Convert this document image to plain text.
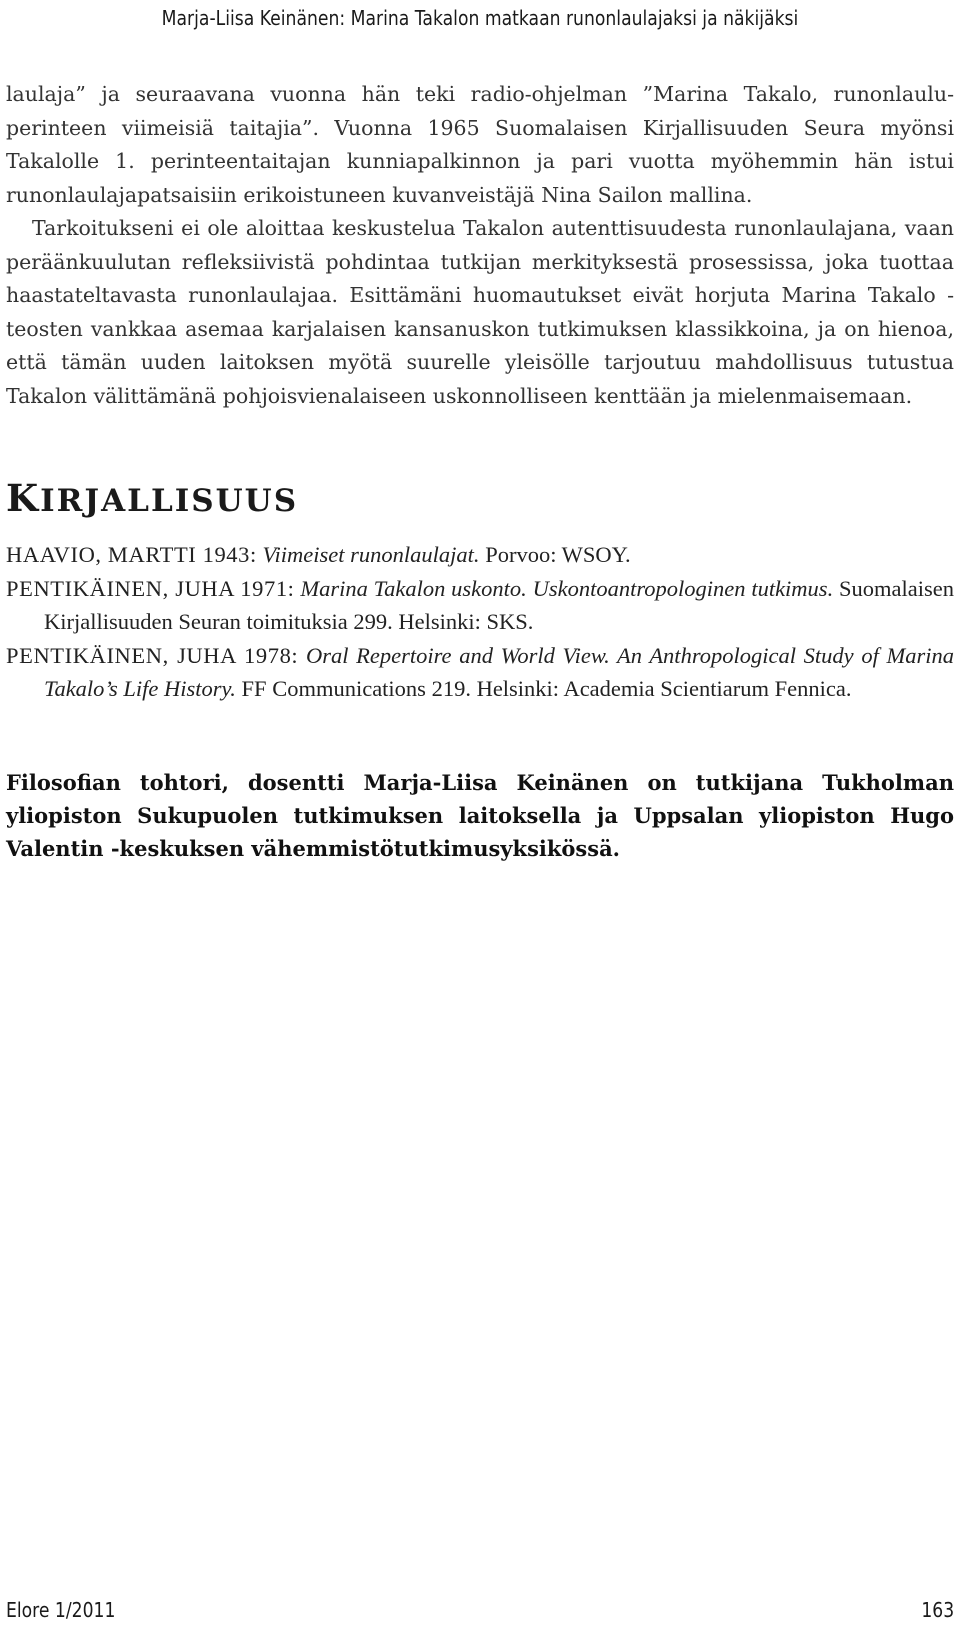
Marja-Liisa Keinänen: Marina Takalon matkaan runonlaulajaksi ja näkijäksi

laulaja” ja seuraavana vuonna hän teki radio-ohjelman ”Marina Takalo, runonlauluperinteen viimeisiä taitajia”. Vuonna 1965 Suomalaisen Kirjallisuuden Seura myönsi Takalolle 1. perinteentaitajan kunniapalkinnon ja pari vuotta myöhemmin hän istui runonlaulajapatsaisiin erikoistuneen kuvanveistäjä Nina Sailon mallina.

Tarkoitukseni ei ole aloittaa keskustelua Takalon autenttisuudesta runonlaulajana, vaan peräänkuulutan refleksiivistä pohdintaa tutkijan merkityksestä prosessissa, joka tuottaa haastateltavasta runonlaulajaa. Esittämäni huomautukset eivät horjuta Marina Takalo -teosten vankkaa asemaa karjalaisen kansanuskon tutkimuksen klassikkoina, ja on hienoa, että tämän uuden laitoksen myötä suurelle yleisölle tarjoutuu mahdollisuus tutustua Takalon välittämänä pohjoisvienalaiseen uskonnolliseen kenttään ja mielenmaisemaan.

KIRJALLISUUS

HAAVIO, MARTTI 1943: Viimeiset runonlaulajat. Porvoo: WSOY.

PENTIKÄINEN, JUHA 1971: Marina Takalon uskonto. Uskontoantropologinen tutkimus. Suomalaisen Kirjallisuuden Seuran toimituksia 299. Helsinki: SKS.

PENTIKÄINEN, JUHA 1978: Oral Repertoire and World View. An Anthropological Study of Marina Takalo’s Life History. FF Communications 219. Helsinki: Academia Scientiarum Fennica.

Filosofian tohtori, dosentti Marja-Liisa Keinänen on tutkijana Tukholman yliopiston Sukupuolen tutkimuksen laitoksella ja Uppsalan yliopiston Hugo Valentin -keskuksen vähemmistötutkimusyksikössä.
Elore 1/2011	163
